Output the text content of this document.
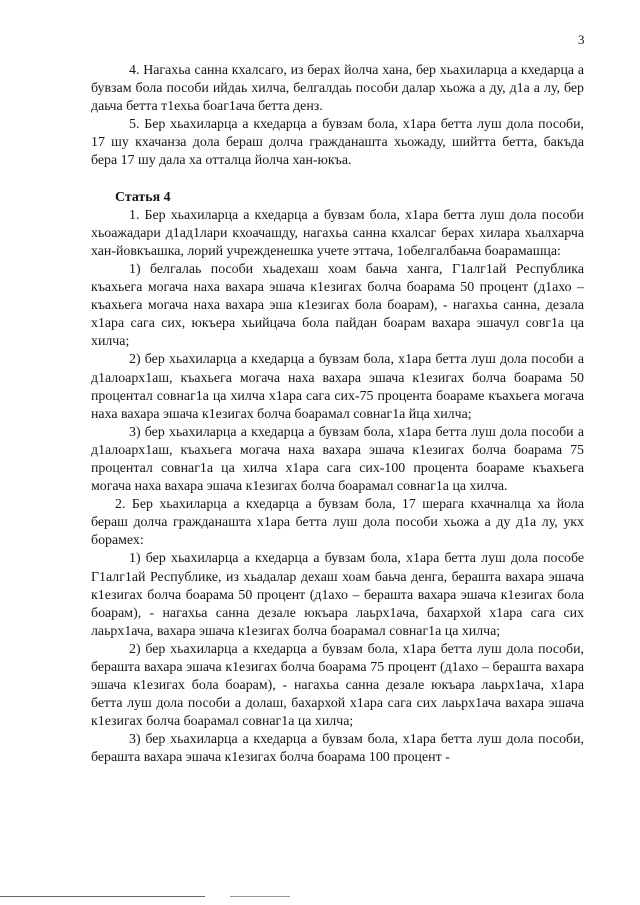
3

4. Нагахьа санна кхалсаго, из берах йолча хана, бер хьахиларца а кхедарца а бувзам бола пособи ийдаь хилча, белгалдаь пособи далар хьожа а ду, д1а а лу, бер даьча бетта т1ехьа боаг1ача бетта денз.

5. Бер хьахиларца а кхедарца а бувзам бола, х1ара бетта луш дола пособи, 17 шу кхачанза дола бераш долча гражданашта хьожаду, шийтта бетта, бакъда бера 17 шу дала ха отталца йолча хан-юкъа.

Статья 4

1. Бер хьахиларца а кхедарца а бувзам бола, х1ара бетта луш дола пособи хьоажадари д1ад1лари кхоачашду, нагахьа санна кхалсаг берах хилара хьалхарча хан-йовкъашка, лорий учрежденешка учете эттача, 1обелгалбаьча боарамашца:

1) белгалаь пособи хьадехаш хоам баьча ханга, Г1алг1ай Республика къахьега могача наха вахара эшача к1езигах болча боарама 50 процент (д1ахо – къахьега могача наха вахара эша к1езигах бола боарам), - нагахьа санна, дезала х1ара сага сих, юкъера хьийцача бола пайдан боарам вахара эшачул совг1а ца хилча;

2) бер хьахиларца а кхедарца а бувзам бола, х1ара бетта луш дола пособи а д1алоарх1аш, къахьега могача наха вахара эшача к1езигах болча боарама 50 процентал совнаг1а ца хилча х1ара сага сих-75 процента боараме къахьега могача наха вахара эшача к1езигах болча боарамал совнаг1а йца хилча;

3) бер хьахиларца а кхедарца а бувзам бола, х1ара бетта луш дола пособи а д1алоарх1аш, къахьега могача наха вахара эшача к1езигах болча боарама 75 процентал совнаг1а ца хилча х1ара сага сих-100 процента боараме къахьега могача наха вахара эшача к1езигах болча боарамал совнаг1а ца хилча.

2. Бер хьахиларца а кхедарца а бувзам бола, 17 шерага кхачналца ха йола бераш долча гражданашта х1ара бетта луш дола пособи хьожа а ду д1а лу, укх борамех:

1) бер хьахиларца а кхедарца а бувзам бола, х1ара бетта луш дола пособе Г1алг1ай Республике, из хьадалар дехаш хоам баьча денга, берашта вахара эшача к1езигах болча боарама 50 процент (д1ахо – берашта вахара эшача к1езигах бола боарам), - нагахьа санна дезале юкъара лаьрх1ача, бахархой х1ара сага сих лаьрх1ача, вахара эшача к1езигах болча боарамал совнаг1а ца хилча;

2) бер хьахиларца а кхедарца а бувзам бола, х1ара бетта луш дола пособи, берашта вахара эшача к1езигах болча боарама 75 процент (д1ахо – берашта вахара эшача к1езигах бола боарам), - нагахьа санна дезале юкъара лаьрх1ача, х1ара бетта луш дола пособи а долаш, бахархой х1ара сага сих лаьрх1ача вахара эшача к1езигах болча боарамал совнаг1а ца хилча;

3) бер хьахиларца а кхедарца а бувзам бола, х1ара бетта луш дола пособи, берашта вахара эшача к1езигах болча боарама 100 процент -
